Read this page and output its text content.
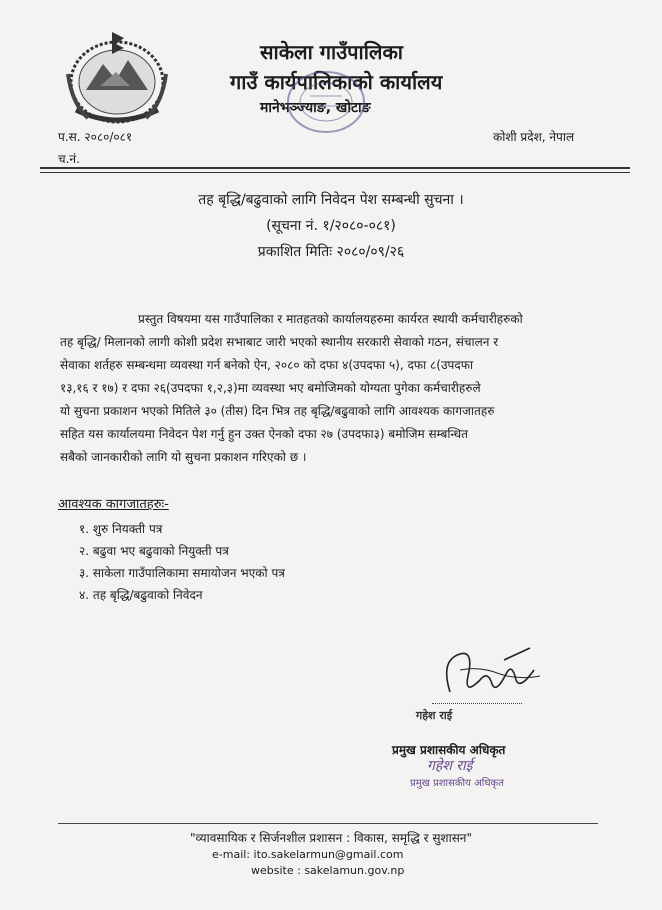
साकेला गाउँपालिका
गाउँ कार्यपालिकाको कार्यालय
मानेभञ्ज्याङ, खोटाङ
प.स. २०८०/०८१
च.नं.
कोशी प्रदेश, नेपाल
तह बृद्धि/बढुवाको लागि निवेदन पेश सम्बन्धी सुचना ।
(सूचना नं. १/२०८०-०८१)
प्रकाशित मितिः २०८०/०९/२६
प्रस्तुत विषयमा यस गाउँपालिका र मातहतको कार्यालयहरुमा कार्यरत स्थायी कर्मचारीहरुको
तह बृद्धि/ मिलानको लागी कोशी प्रदेश सभाबाट जारी भएको स्थानीय सरकारी सेवाको गठन, संचालन र
सेवाका शर्तहरु सम्बन्धमा व्यवस्था गर्न बनेको ऐन, २०८० को दफा ४(उपदफा ५), दफा ८(उपदफा
१३,१६ र १७) र दफा २६(उपदफा १,२,३)मा व्यवस्था भए बमोजिमको योग्यता पुगेका कर्मचारीहरुले
यो सुचना प्रकाशन भएको मितिले ३० (तीस) दिन भित्र तह बृद्धि/बढुवाको लागि आवश्यक कागजातहरु
सहित यस कार्यालयमा निवेदन पेश गर्नु हुन उक्त ऐनको दफा २७ (उपदफा३) बमोजिम सम्बन्धित
सबैको जानकारीको लागि यो सुचना प्रकाशन गरिएको छ ।
आवश्यक कागजातहरुः-
१. शुरु नियक्ती पत्र
२. बढुवा भए बढुवाको नियुक्ती पत्र
३. साकेला गाउँपालिकामा समायोजन भएको पत्र
४. तह बृद्धि/बढुवाको निवेदन
गहेश राई
प्रमुख प्रशासकीय अधिकृत
गहेश राई
प्रमुख प्रशासकीय अधिकृत
"व्यावसायिक र सिर्जनशील प्रशासन : विकास, समृद्धि र सुशासन"
e-mail: ito.sakelarmun@gmail.com
website : sakelamun.gov.np
